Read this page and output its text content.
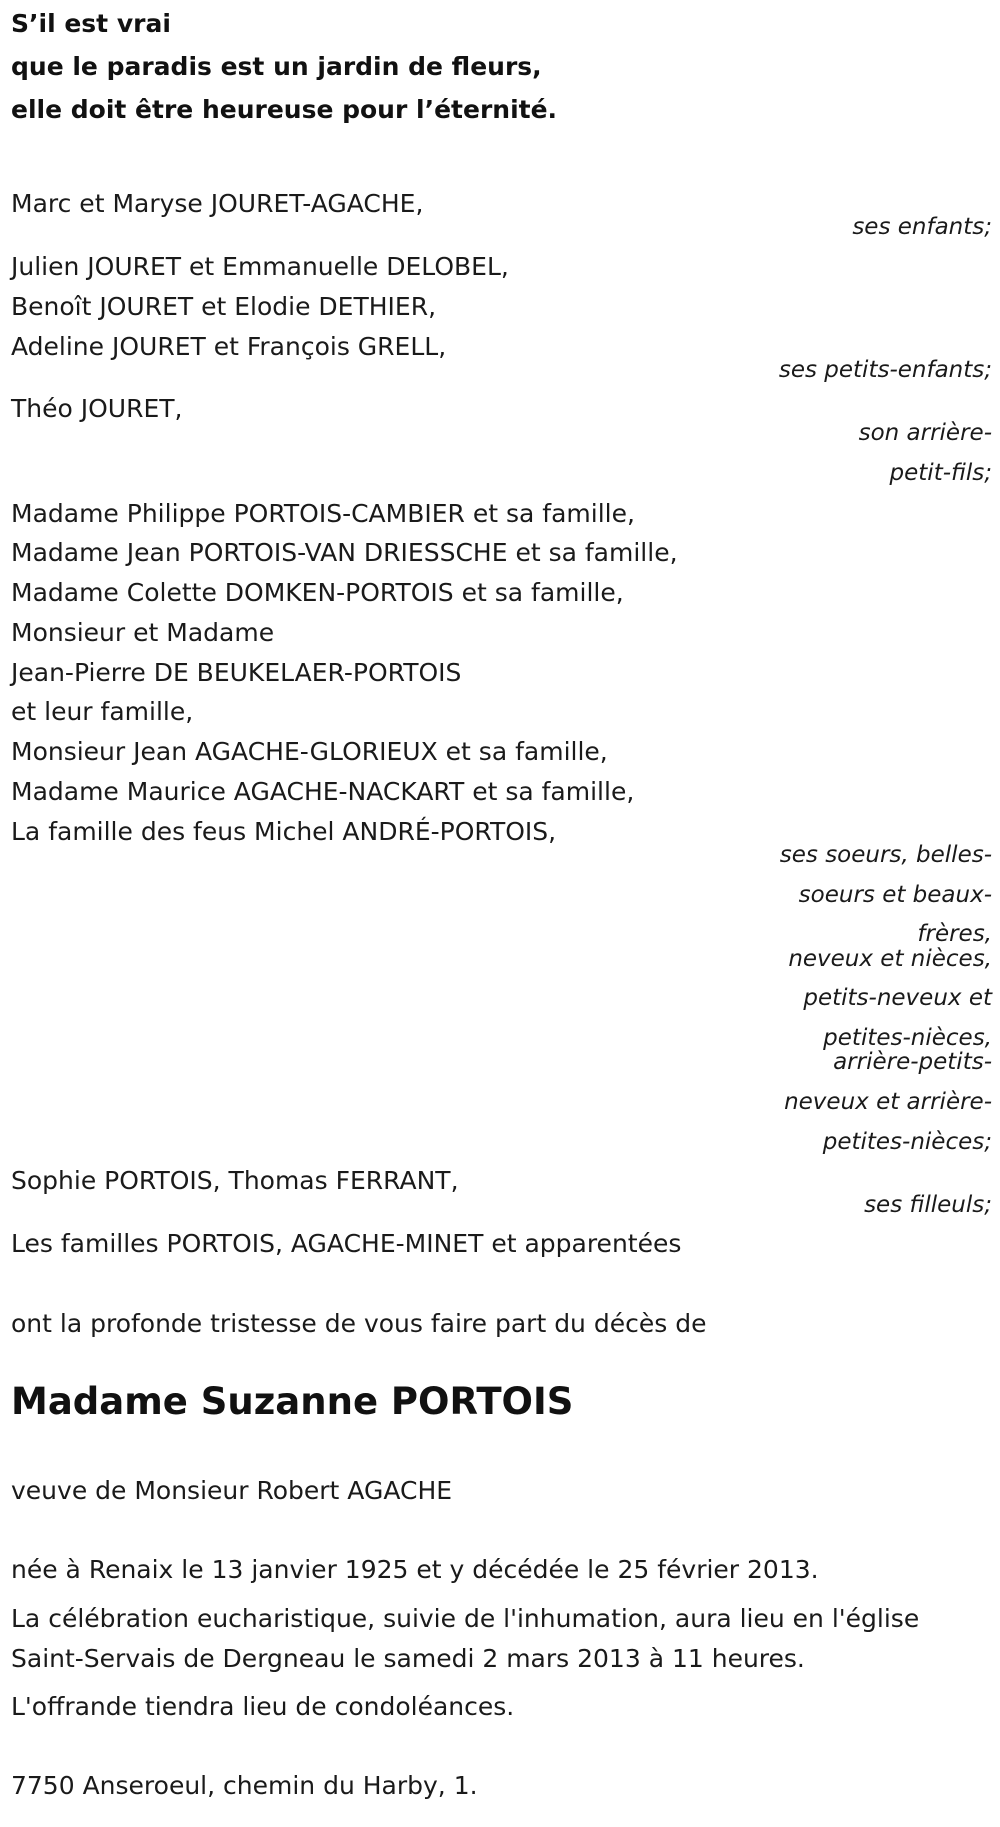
S’il est vrai
que le paradis est un jardin de fleurs,
elle doit être heureuse pour l’éternité.
Marc et Maryse JOURET-AGACHE,
ses enfants;
Julien JOURET et Emmanuelle DELOBEL,
Benoît JOURET et Elodie DETHIER,
Adeline JOURET et François GRELL,
ses petits-enfants;
Théo JOURET,
son arrière-
petit-fils;
Madame Philippe PORTOIS-CAMBIER et sa famille,
Madame Jean PORTOIS-VAN DRIESSCHE et sa famille,
Madame Colette DOMKEN-PORTOIS et sa famille,
Monsieur et Madame
Jean-Pierre DE BEUKELAER-PORTOIS
et leur famille,
Monsieur Jean AGACHE-GLORIEUX et sa famille,
Madame Maurice AGACHE-NACKART et sa famille,
La famille des feus Michel ANDRÉ-PORTOIS,
ses soeurs, belles-
soeurs et beaux-
frères,
neveux et nièces,
petits-neveux et
petites-nièces,
arrière-petits-
neveux et arrière-
petites-nièces;
Sophie PORTOIS, Thomas FERRANT,
ses filleuls;
Les familles PORTOIS, AGACHE-MINET et apparentées
ont la profonde tristesse de vous faire part du décès de
Madame Suzanne PORTOIS
veuve de Monsieur Robert AGACHE
née à Renaix le 13 janvier 1925 et y décédée le 25 février 2013.
La célébration eucharistique, suivie de l'inhumation, aura lieu en l'église
Saint-Servais de Dergneau le samedi 2 mars 2013 à 11 heures.
L'offrande tiendra lieu de condoléances.
7750 Anseroeul, chemin du Harby, 1.
